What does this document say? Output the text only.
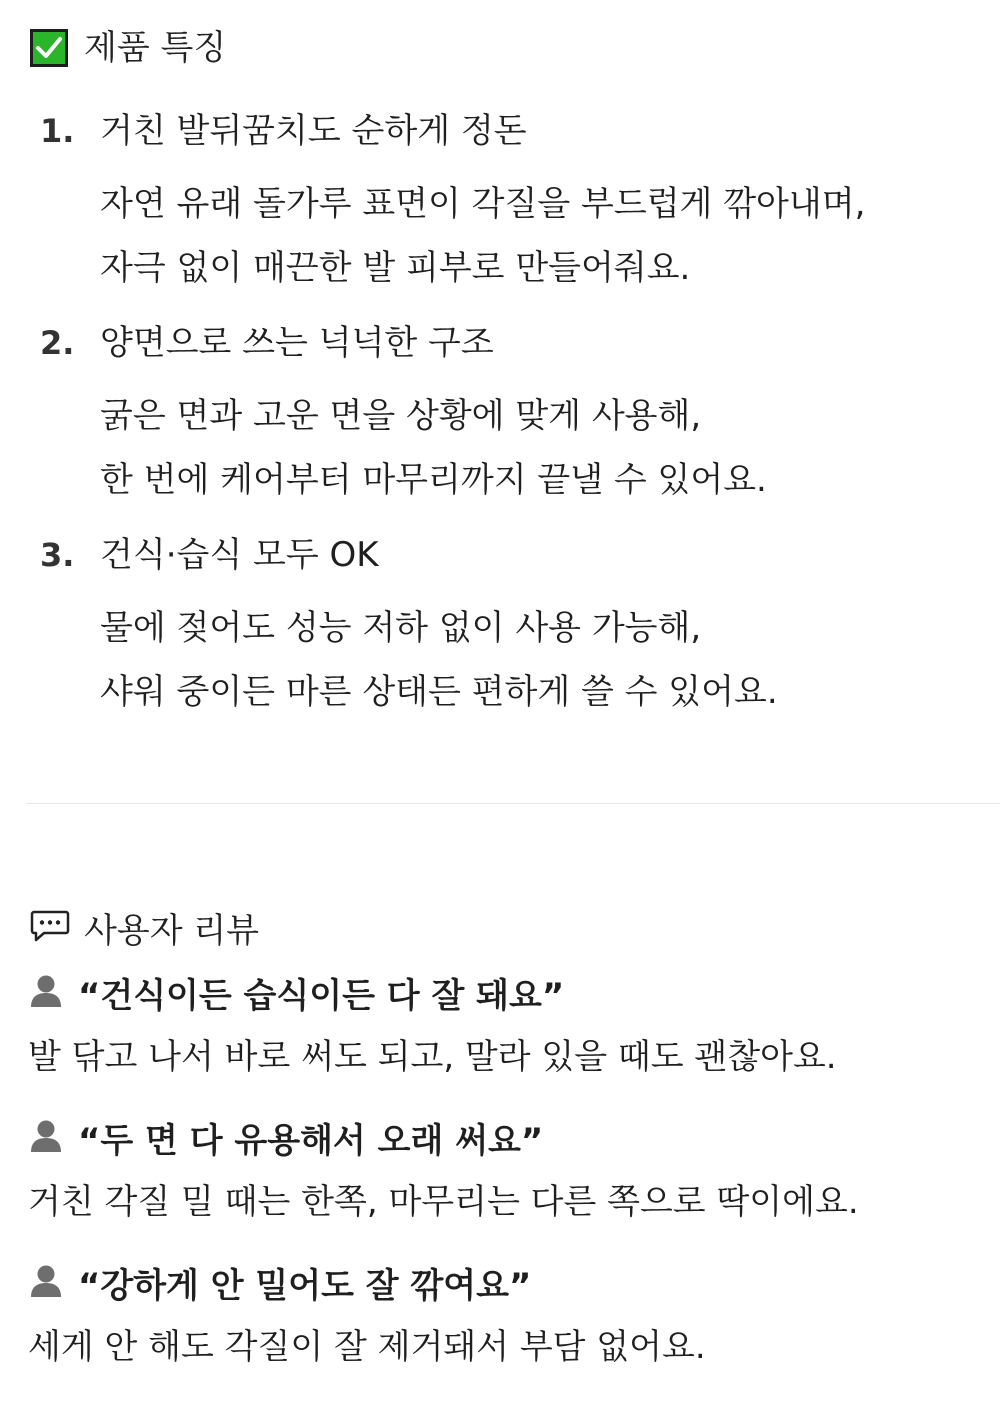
제품 특징
1. 거친 발뒤꿈치도 순하게 정돈
자연 유래 돌가루 표면이 각질을 부드럽게 깎아내며,
자극 없이 매끈한 발 피부로 만들어줘요.
2. 양면으로 쓰는 넉넉한 구조
굵은 면과 고운 면을 상황에 맞게 사용해,
한 번에 케어부터 마무리까지 끝낼 수 있어요.
3. 건식·습식 모두 OK
물에 젖어도 성능 저하 없이 사용 가능해,
샤워 중이든 마른 상태든 편하게 쓸 수 있어요.
사용자 리뷰
“건식이든 습식이든 다 잘 돼요”
발 닦고 나서 바로 써도 되고, 말라 있을 때도 괜찮아요.
“두 면 다 유용해서 오래 써요”
거친 각질 밀 때는 한쪽, 마무리는 다른 쪽으로 딱이에요.
“강하게 안 밀어도 잘 깎여요”
세게 안 해도 각질이 잘 제거돼서 부담 없어요.
